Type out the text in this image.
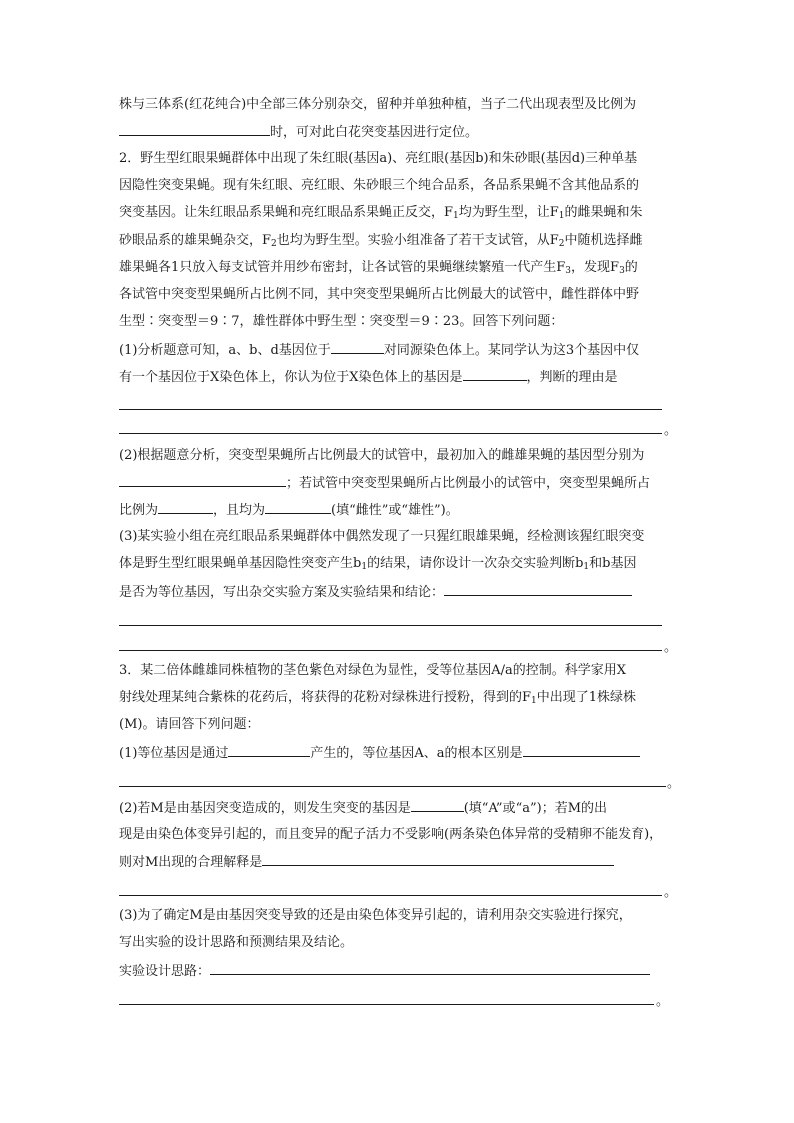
株与三体系(红花纯合)中全部三体分别杂交，留种并单独种植，当子二代出现表型及比例为
时，可对此白花突变基因进行定位。
2．野生型红眼果蝇群体中出现了朱红眼(基因a)、亮红眼(基因b)和朱砂眼(基因d)三种单基
因隐性突变果蝇。现有朱红眼、亮红眼、朱砂眼三个纯合品系，各品系果蝇不含其他品系的
突变基因。让朱红眼品系果蝇和亮红眼品系果蝇正反交，$F_1$均为野生型，让$F_1$的雌果蝇和朱
砂眼品系的雄果蝇杂交，$F_2$也均为野生型。实验小组准备了若干支试管，从$F_2$中随机选择雌
雄果蝇各1只放入每支试管并用纱布密封，让各试管的果蝇继续繁殖一代产生$F_3$，发现$F_3$的
各试管中突变型果蝇所占比例不同，其中突变型果蝇所占比例最大的试管中，雌性群体中野
生型∶突变型＝9∶7，雄性群体中野生型∶突变型＝9∶23。回答下列问题：
(1)分析题意可知，a、b、d基因位于	对同源染色体上。某同学认为这3个基因中仅
有一个基因位于X染色体上，你认为位于X染色体上的基因是	，判断的理由是
。
(2)根据题意分析，突变型果蝇所占比例最大的试管中，最初加入的雌雄果蝇的基因型分别为
；若试管中突变型果蝇所占比例最小的试管中，突变型果蝇所占
比例为	，且均为	(填“雌性”或“雄性”)。
(3)某实验小组在亮红眼品系果蝇群体中偶然发现了一只猩红眼雄果蝇，经检测该猩红眼突变
体是野生型红眼果蝇单基因隐性突变产生$b_1$的结果，请你设计一次杂交实验判断$b_1$和b基因
是否为等位基因，写出杂交实验方案及实验结果和结论：
。
3．某二倍体雌雄同株植物的茎色紫色对绿色为显性，受等位基因A/a的控制。科学家用X
射线处理某纯合紫株的花药后，将获得的花粉对绿株进行授粉，得到的$F_1$中出现了1株绿株
(M)。请回答下列问题：
(1)等位基因是通过	产生的，等位基因A、a的根本区别是
。
(2)若M是由基因突变造成的，则发生突变的基因是	(填“A”或“a”)；若M的出
现是由染色体变异引起的，而且变异的配子活力不受影响(两条染色体异常的受精卵不能发育)，
则对M出现的合理解释是
。
(3)为了确定M是由基因突变导致的还是由染色体变异引起的，请利用杂交实验进行探究，
写出实验的设计思路和预测结果及结论。
实验设计思路：
。
